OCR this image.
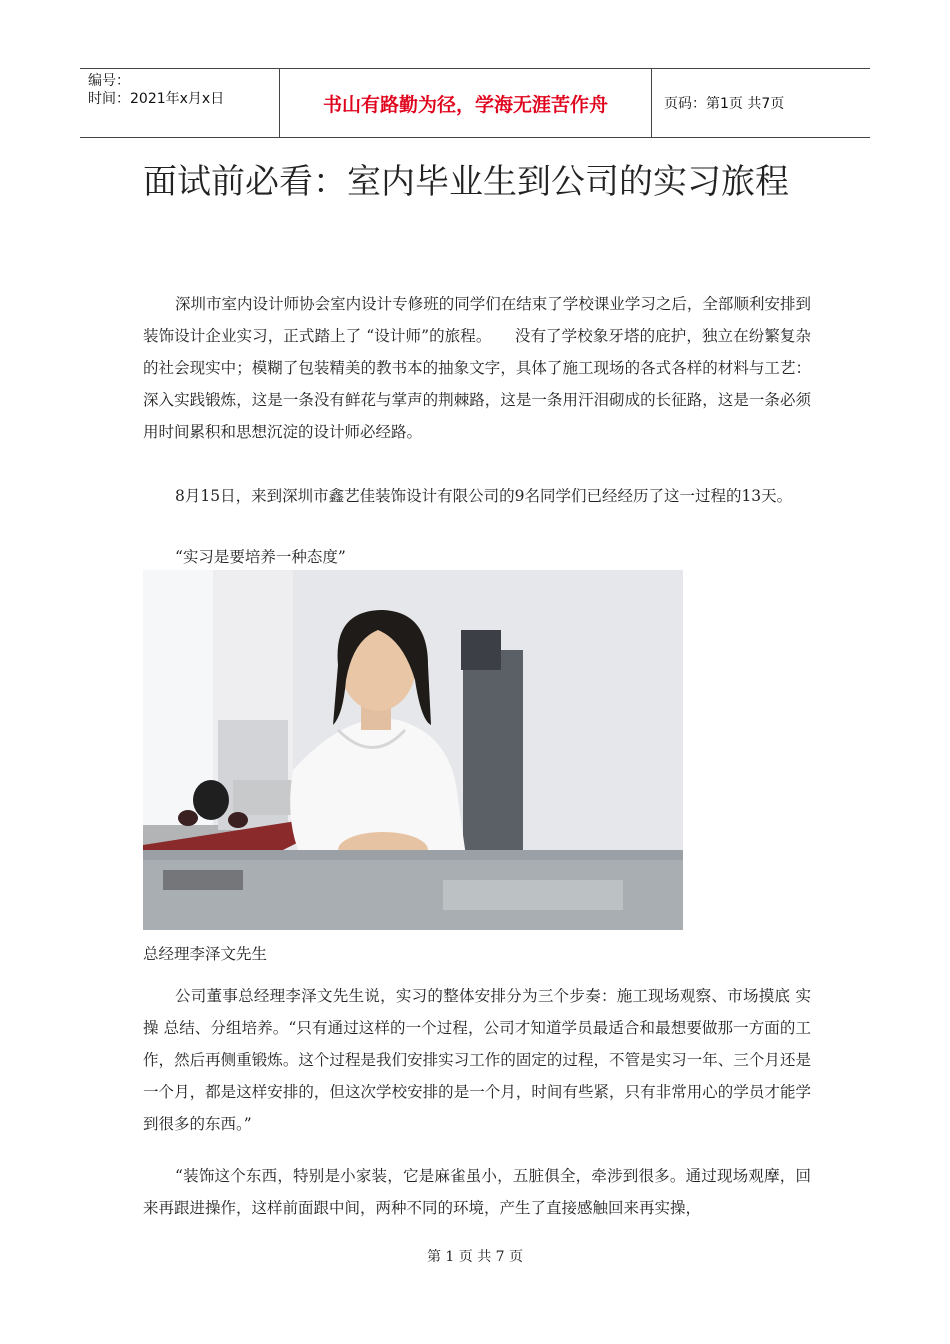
编号：
时间：2021年x月x日	书山有路勤为径，学海无涯苦作舟	页码：第1页 共7页
面试前必看：室内毕业生到公司的实习旅程

深圳市室内设计师协会室内设计专修班的同学们在结束了学校课业学习之后，全部顺利安排到装饰设计企业实习，正式踏上了 “设计师”的旅程。　　没有了学校象牙塔的庇护，独立在纷繁复杂的社会现实中；模糊了包装精美的教书本的抽象文字，具体了施工现场的各式各样的材料与工艺：深入实践锻炼，这是一条没有鲜花与掌声的荆棘路，这是一条用汗泪砌成的长征路，这是一条必须用时间累积和思想沉淀的设计师必经路。

8月15日，来到深圳市鑫艺佳装饰设计有限公司的9名同学们已经经历了这一过程的13天。

“实习是要培养一种态度”

总经理李泽文先生

公司董事总经理李泽文先生说，实习的整体安排分为三个步奏：施工现场观察、市场摸底 实操 总结、分组培养。“只有通过这样的一个过程，公司才知道学员最适合和最想要做那一方面的工作，然后再侧重锻炼。这个过程是我们安排实习工作的固定的过程，不管是实习一年、三个月还是一个月，都是这样安排的，但这次学校安排的是一个月，时间有些紧，只有非常用心的学员才能学到很多的东西。”

“装饰这个东西，特别是小家装，它是麻雀虽小，五脏俱全，牵涉到很多。通过现场观摩，回来再跟进操作，这样前面跟中间，两种不同的环境，产生了直接感触回来再实操，

第 1 页 共 7 页
